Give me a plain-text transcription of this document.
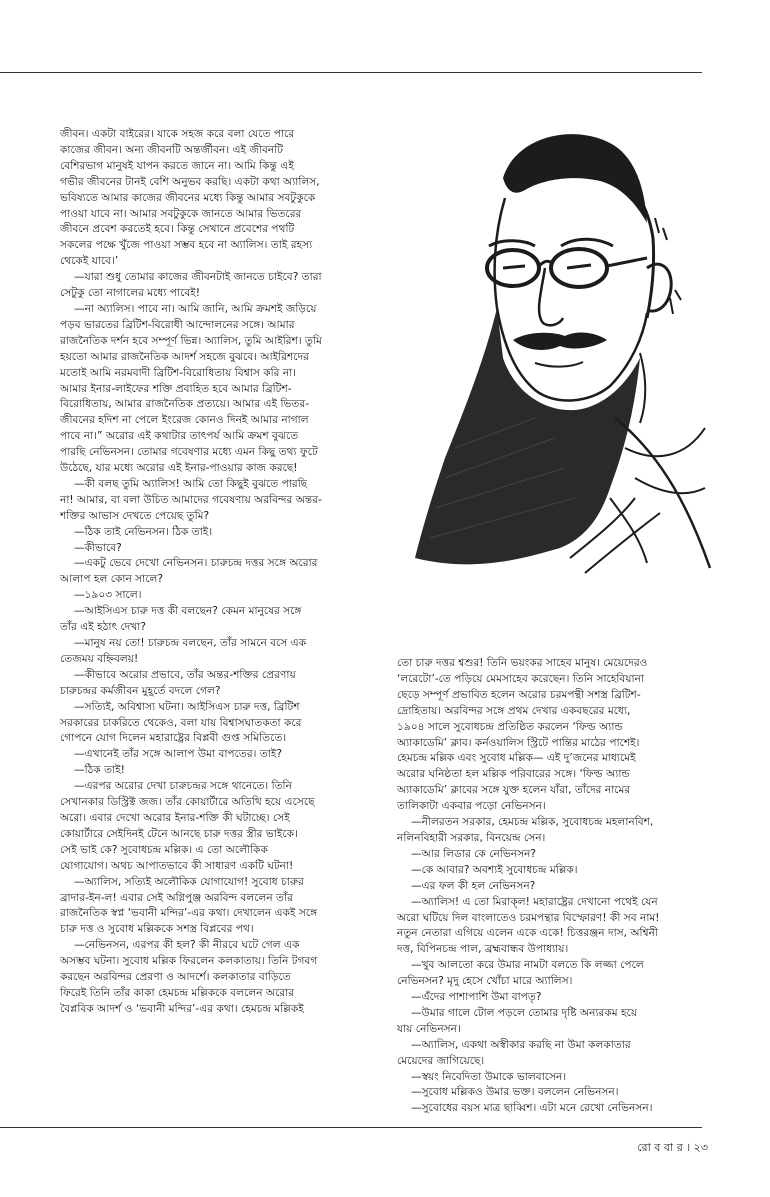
জীবন। একটা বাইরের। যাকে সহজ করে বলা যেতে পারে

কাজের জীবন। অন্য জীবনটি অন্তর্জীবন। এই জীবনটি

বেশিরভাগ মানুষই যাপন করতে জানে না। আমি কিন্তু এই

গভীর জীবনের টানই বেশি অনুভব করছি। একটা কথা অ্যালিস,

ভবিষ্যতে আমার কাজের জীবনের মধ্যে কিন্তু আমার সবটুকুকে

পাওয়া যাবে না। আমার সবটুকুকে জানতে আমার ভিতরের

জীবনে প্রবেশ করতেই হবে। কিন্তু সেখানে প্রবেশের পথটি

সকলের পক্ষে খুঁজে পাওয়া সম্ভব হবে না অ্যালিস। তাই রহস্য

থেকেই যাবে।’

—যারা শুধু তোমার কাজের জীবনটাই জানতে চাইবে? তারা

সেটুকু তো নাগালের মধ্যে পাবেই!

—না অ্যালিস। পাবে না। আমি জানি, আমি ক্রমশই জড়িয়ে

পড়ব ভারতের ব্রিটিশ-বিরোধী আন্দোলনের সঙ্গে। আমার

রাজনৈতিক দর্শন হবে সম্পূর্ণ ভিন্ন। অ্যালিস, তুমি আইরিশ। তুমি

হয়তো আমার রাজনৈতিক আদর্শ সহজে বুঝবে। আইরিশদের

মতোই আমি নরমবাদী ব্রিটিশ-বিরোধিতায় বিশ্বাস করি না।

আমার ইনার-লাইফের শক্তি প্রবাহিত হবে আমার ব্রিটিশ-

বিরোধিতায়, আমার রাজনৈতিক প্রত্যয়ে। আমার এই ভিতর-

জীবনের হদিশ না পেলে ইংরেজ কোনও দিনই আমার নাগাল

পাবে না।” অরোর এই কথাটার তাৎপর্য আমি ক্রমশ বুঝতে

পারছি নেভিনসন। তোমার গবেষণার মধ্যে এমন কিছু তথ্য ফুটে

উঠেছে, যার মধ্যে অরোর এই ইনার-পাওয়ার কাজ করছে!

—কী বলছ তুমি অ্যালিস! আমি তো কিছুই বুঝতে পারছি

না! আমার, বা বলা উচিত আমাদের গবেষণায় অরবিন্দর অন্তর-

শক্তির আভাস দেখতে পেয়েছ তুমি?

—ঠিক তাই নেভিনসন। ঠিক তাই।

—কীভাবে?

—একটু ভেবে দেখো নেভিনসন। চারুচন্দ্র দত্তর সঙ্গে অরোর

আলাপ হল কোন সালে?

—১৯০৩ সালে।

—আইসিএস চারু দত্ত কী বলছেন? কেমন মানুষের সঙ্গে

তাঁর এই হঠাৎ দেখা?

—মানুষ নয় তো! চারুচন্দ্র বলছেন, তাঁর সামনে বসে এক

তেজময় বহ্নিবলয়!

—কীভাবে অরোর প্রভাবে, তাঁর অন্তর-শক্তির প্রেরণায়

চারুচন্দ্রর কর্মজীবন মুহূর্তে বদলে গেল?

—সত্যিই, অবিশ্বাস্য ঘটনা। আইসিএস চারু দত্ত, ব্রিটিশ

সরকারের চাকরিতে থেকেও, বলা যায় বিশ্বাসঘাতকতা করে

গোপনে যোগ দিলেন মহারাষ্ট্রের বিপ্লবী গুপ্ত সমিতিতে।

—এখানেই তাঁর সঙ্গে আলাপ উমা বাপতের। তাই?

—ঠিক তাই!

—এরপর অরোর দেখা চারুচন্দ্রর সঙ্গে থানেতে। তিনি

সেখানকার ডিস্ট্রিক্ট জজ। তাঁর কোয়ার্টারে অতিথি হয়ে এসেছে

অরো। এবার দেখো অরোর ইনার-শক্তি কী ঘটাচ্ছে। সেই

কোয়ার্টারে সেইদিনই টেনে আনছে চারু দত্তর স্ত্রীর ভাইকে।

সেই ভাই কে? সুবোধচন্দ্র মল্লিক। এ তো অলৌকিক

যোগাযোগ। অথচ আপাতভাবে কী সাধারণ একটি ঘটনা!

—অ্যালিস, সত্যিই অলৌকিক যোগাযোগ! সুবোধ চারুর

ব্রাদার-ইন-ল! এবার সেই অগ্নিপুঞ্জ অরবিন্দ বললেন তাঁর

রাজনৈতিক স্বপ্ন ‘ভবানী মন্দির’-এর কথা। দেখালেন একই সঙ্গে

চারু দত্ত ও সুবোধ মল্লিককে সশস্ত্র বিপ্লবের পথ।

—নেভিনসন, এরপর কী হল? কী নীরবে ঘটে গেল এক

অসম্ভব ঘটনা। সুবোধ মল্লিক ফিরলেন কলকাতায়। তিনি টগবগ

করছেন অরবিন্দর প্রেরণা ও আদর্শে। কলকাতার বাড়িতে

ফিরেই তিনি তাঁর কাকা হেমচন্দ্র মল্লিককে বললেন অরোর

বৈপ্লবিক আদর্শ ও ‘ভবানী মন্দির’-এর কথা। হেমচন্দ্র মল্লিকই

তো চারু দত্তর শ্বশুর! তিনি ভয়ংকর সাহেব মানুষ। মেয়েদেরও

‘লরেটো’-তে পড়িয়ে মেমসাহেব করেছেন। তিনি সাহেবিয়ানা

ছেড়ে সম্পূর্ণ প্রভাবিত হলেন অরোর চরমপন্থী সশস্ত্র ব্রিটিশ-

দ্রোহিতায়। অরবিন্দর সঙ্গে প্রথম দেখার একবছরের মধ্যে,

১৯০৪ সালে সুবোধচন্দ্র প্রতিষ্ঠিত করলেন ‘ফিল্ড অ্যান্ড

অ্যাকাডেমি’ ক্লাব। কর্নওয়ালিস স্ট্রিটে পান্তির মাঠের পাশেই।

হেমচন্দ্র মল্লিক এবং সুবোধ মল্লিক— এই দু’জনের মাধ্যমেই

অরোর ঘনিষ্ঠতা হল মল্লিক পরিবারের সঙ্গে। ‘ফিল্ড অ্যান্ড

অ্যাকাডেমি’ ক্লাবের সঙ্গে যুক্ত হলেন যাঁরা, তাঁদের নামের

তালিকাটা একবার পড়ো নেভিনসন।

—নীলরতন সরকার, হেমচন্দ্র মল্লিক, সুবোধচন্দ্র মহলানবিশ,

নলিনবিহারী সরকার, বিনয়েন্দ্র সেন।

—আর লিডার কে নেভিনসন?

—কে আবার? অবশ্যই সুবোধচন্দ্র মল্লিক।

—এর ফল কী হল নেভিনসন?

—অ্যালিস! এ তো মিরাক্‌ল! মহারাষ্ট্রের দেখানো পথেই যেন

অরো ঘটিয়ে দিল বাংলাতেও চরমপন্থার বিস্ফোরণ! কী সব নাম!

নতুন নেতারা এগিয়ে এলেন একে একে! চিত্তরঞ্জন দাস, অশ্বিনী

দত্ত, বিপিনচন্দ্র পাল, ব্রহ্মবান্ধব উপাধ্যায়।

—খুব আলতো করে উমার নামটা বলতে কি লজ্জা পেলে

নেভিনসন? মৃদু হেসে খোঁচা মারে অ্যালিস।

—এঁদের পাশাপাশি উমা বাপতৃ?

—উমার গালে টোল পড়লে তোমার দৃষ্টি অন্যরকম হয়ে

যায় নেভিনসন।

—অ্যালিস, একথা অস্বীকার করছি না উমা কলকাতার

মেয়েদের জাগিয়েছে।

—স্বয়ং নিবেদিতা উমাকে ভালবাসেন।

—সুবোধ মল্লিকও উমার ভক্ত। বললেন নেভিনসন।

—সুবোধের বয়স মাত্র ছাব্বিশ। এটা মনে রেখো নেভিনসন।

রো ব বা র । ২৩
